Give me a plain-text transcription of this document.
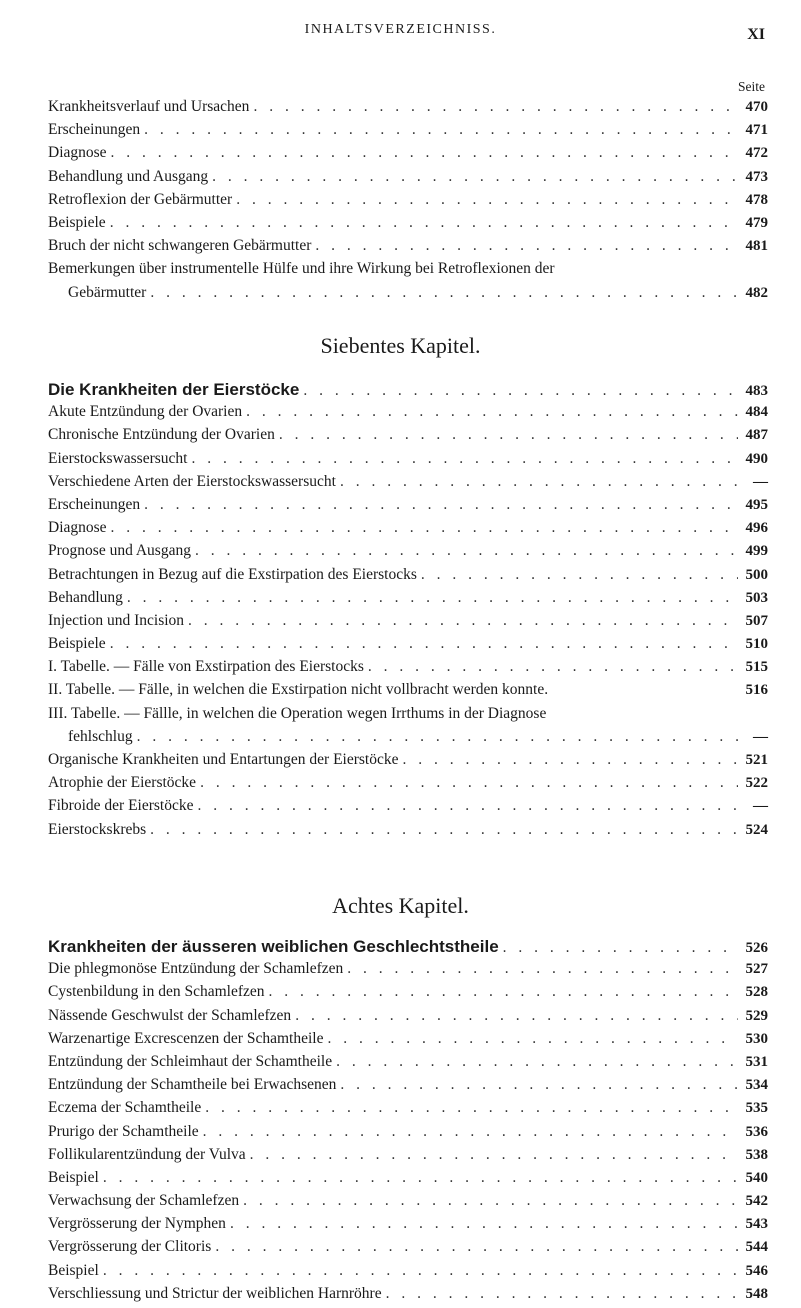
INHALTSVERZEICHNISS.	XI
Seite
Krankheitsverlauf und Ursachen . . .	470
Erscheinungen . . .	471
Diagnose . . .	472
Behandlung und Ausgang . . .	473
Retroflexion der Gebärmutter . . .	478
Beispiele . . .	479
Bruch der nicht schwangeren Gebärmutter . . .	481
Bemerkungen über instrumentelle Hülfe und ihre Wirkung bei Retroflexionen der
Gebärmutter . . .	482
Siebentes Kapitel.
Die Krankheiten der Eierstöcke . . .	483
Akute Entzündung der Ovarien . . .	484
Chronische Entzündung der Ovarien . . .	487
Eierstockswassersucht . . .	490
Verschiedene Arten der Eierstockswassersucht . . .	—
Erscheinungen . . .	495
Diagnose . . .	496
Prognose und Ausgang . . .	499
Betrachtungen in Bezug auf die Exstirpation des Eierstocks . . .	500
Behandlung . . .	503
Injection und Incision . . .	507
Beispiele . . .	510
I. Tabelle. — Fälle von Exstirpation des Eierstocks . . .	515
II. Tabelle. — Fälle, in welchen die Exstirpation nicht vollbracht werden konnte.	516
III. Tabelle. — Fällle, in welchen die Operation wegen Irrthums in der Diagnose
fehlschlug . . .	—
Organische Krankheiten und Entartungen der Eierstöcke . . .	521
Atrophie der Eierstöcke . . .	522
Fibroide der Eierstöcke . . .	—
Eierstockskrebs . . .	524
Achtes Kapitel.
Krankheiten der äusseren weiblichen Geschlechtstheile . . .	526
Die phlegmonöse Entzündung der Schamlefzen . . .	527
Cystenbildung in den Schamlefzen . . .	528
Nässende Geschwulst der Schamlefzen . . .	529
Warzenartige Excrescenzen der Schamtheile . . .	530
Entzündung der Schleimhaut der Schamtheile . . .	531
Entzündung der Schamtheile bei Erwachsenen . . .	534
Eczema der Schamtheile . . .	535
Prurigo der Schamtheile . . .	536
Follikularentzündung der Vulva . . .	538
Beispiel . . .	540
Verwachsung der Schamlefzen . . .	542
Vergrösserung der Nymphen . . .	543
Vergrösserung der Clitoris . . .	544
Beispiel . . .	546
Verschliessung und Strictur der weiblichen Harnröhre . . .	548
